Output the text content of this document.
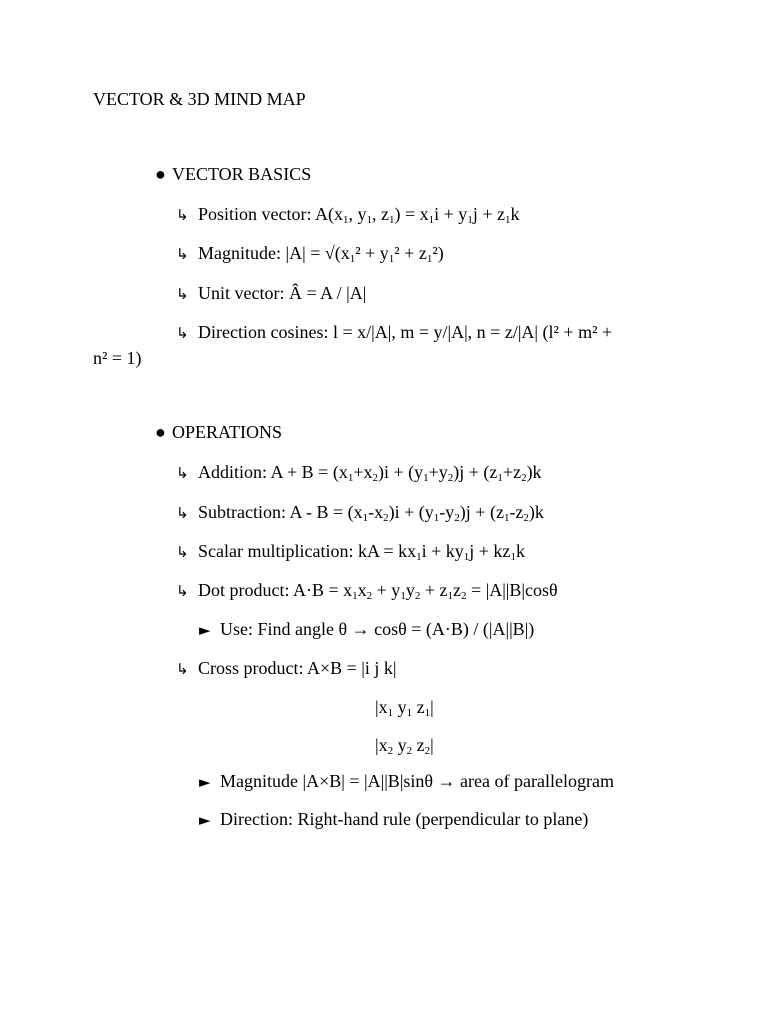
VECTOR & 3D MIND MAP
● VECTOR BASICS
↳ Position vector: $A(x_1$, $y_1$, $z_1) = x_1i + y_1j + z_1k$
↳ Magnitude: $|A| = √(x_1^2 + y_1^2 + z_1^2)$
↳ Unit vector: Â = A / |A|
↳ Direction cosines: l = x/|A|, m = y/|A|, n = z/|A| (l² + m² +
n² = 1)
● OPERATIONS
↳ Addition: $A + B = (x_1+x_2)i + (y_1+y_2)j + (z_1+z_2)k$
↳ Subtraction: $A - B = (x_1-x_2)i + (y_1-y_2)j + (z_1-z_2)k$
↳ Scalar multiplication: kA = $kx_1i + ky_1j + kz_1k$
↳ Dot product: $A\cdot B = x_1x_2 + y_1y_2 + z_1z_2 = |A||B|\cos\theta$
► Use: Find angle θ → cosθ = (A·B) / (|A||B|)
↳ Cross product: A×B = |i j k|
$|x_1$ $y_1$ $z_1|$
$|x_2$ $y_2$ $z_2|$
► Magnitude |A×B| = |A||B|sinθ → area of parallelogram
► Direction: Right-hand rule (perpendicular to plane)
